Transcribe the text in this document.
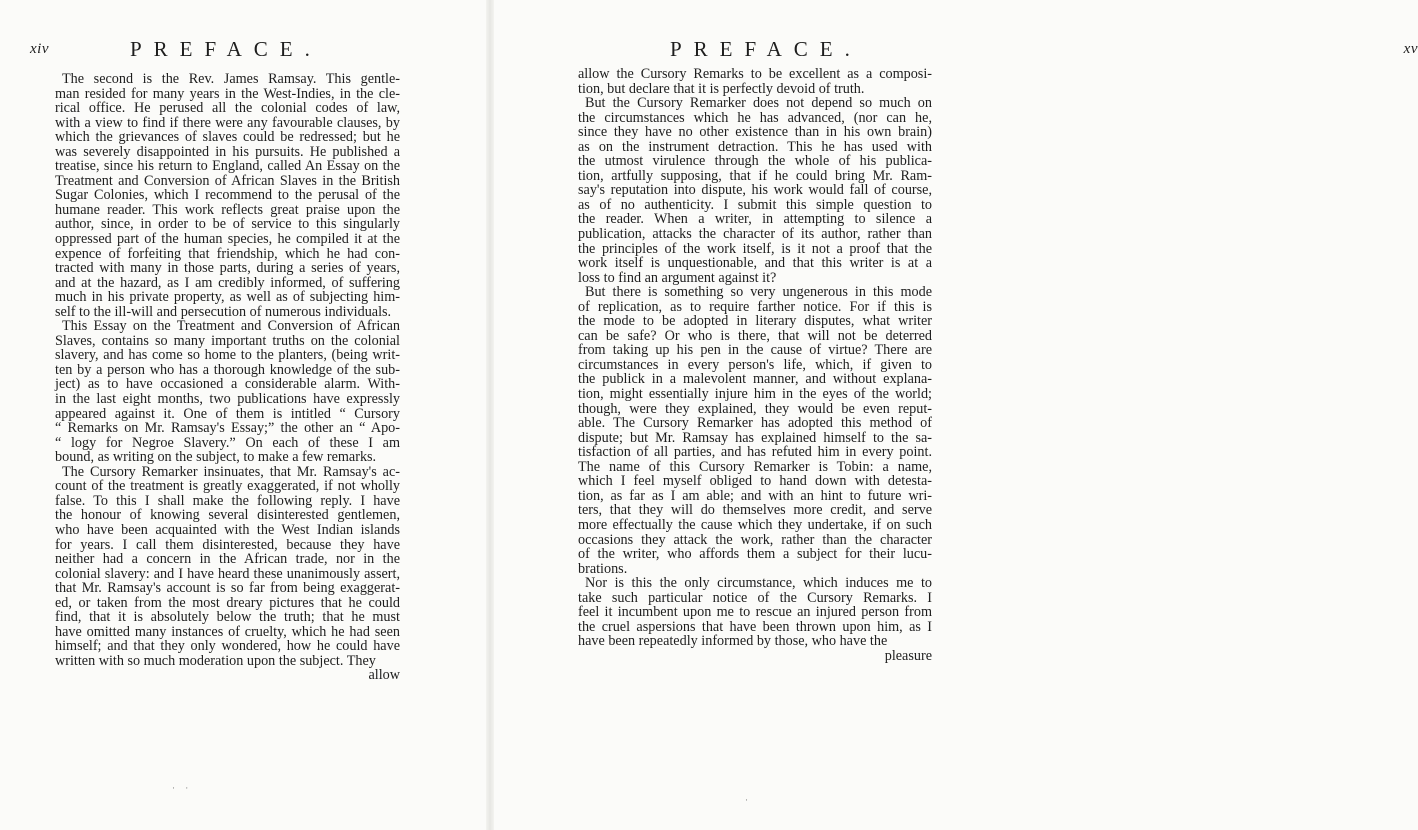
xiv	PREFACE.
The second is the Rev. James Ramsay. This gentle-
man resided for many years in the West-Indies, in the cle-
rical office. He perused all the colonial codes of law,
with a view to find if there were any favourable clauses, by
which the grievances of slaves could be redressed; but he
was severely disappointed in his pursuits. He published a
treatise, since his return to England, called An Essay on the
Treatment and Conversion of African Slaves in the British
Sugar Colonies, which I recommend to the perusal of the
humane reader. This work reflects great praise upon the
author, since, in order to be of service to this singularly
oppressed part of the human species, he compiled it at the
expence of forfeiting that friendship, which he had con-
tracted with many in those parts, during a series of years,
and at the hazard, as I am credibly informed, of suffering
much in his private property, as well as of subjecting him-
self to the ill-will and persecution of numerous individuals.
This Essay on the Treatment and Conversion of African
Slaves, contains so many important truths on the colonial
slavery, and has come so home to the planters, (being writ-
ten by a person who has a thorough knowledge of the sub-
ject) as to have occasioned a considerable alarm. With-
in the last eight months, two publications have expressly
appeared against it. One of them is intitled “ Cursory
“ Remarks on Mr. Ramsay's Essay;” the other an “ Apo-
“ logy for Negroe Slavery.” On each of these I am
bound, as writing on the subject, to make a few remarks.
The Cursory Remarker insinuates, that Mr. Ramsay's ac-
count of the treatment is greatly exaggerated, if not wholly
false. To this I shall make the following reply. I have
the honour of knowing several disinterested gentlemen,
who have been acquainted with the West Indian islands
for years. I call them disinterested, because they have
neither had a concern in the African trade, nor in the
colonial slavery: and I have heard these unanimously assert,
that Mr. Ramsay's account is so far from being exaggerat-
ed, or taken from the most dreary pictures that he could
find, that it is absolutely below the truth; that he must
have omitted many instances of cruelty, which he had seen
himself; and that they only wondered, how he could have
written with so much moderation upon the subject. They
allow
PREFACE.	xv
allow the Cursory Remarks to be excellent as a composi-
tion, but declare that it is perfectly devoid of truth.
But the Cursory Remarker does not depend so much on
the circumstances which he has advanced, (nor can he,
since they have no other existence than in his own brain)
as on the instrument detraction. This he has used with
the utmost virulence through the whole of his publica-
tion, artfully supposing, that if he could bring Mr. Ram-
say's reputation into dispute, his work would fall of course,
as of no authenticity. I submit this simple question to
the reader. When a writer, in attempting to silence a
publication, attacks the character of its author, rather than
the principles of the work itself, is it not a proof that the
work itself is unquestionable, and that this writer is at a
loss to find an argument against it?
But there is something so very ungenerous in this mode
of replication, as to require farther notice. For if this is
the mode to be adopted in literary disputes, what writer
can be safe? Or who is there, that will not be deterred
from taking up his pen in the cause of virtue? There are
circumstances in every person's life, which, if given to
the publick in a malevolent manner, and without explana-
tion, might essentially injure him in the eyes of the world;
though, were they explained, they would be even reput-
able. The Cursory Remarker has adopted this method of
dispute; but Mr. Ramsay has explained himself to the sa-
tisfaction of all parties, and has refuted him in every point.
The name of this Cursory Remarker is Tobin: a name,
which I feel myself obliged to hand down with detesta-
tion, as far as I am able; and with an hint to future wri-
ters, that they will do themselves more credit, and serve
more effectually the cause which they undertake, if on such
occasions they attack the work, rather than the character
of the writer, who affords them a subject for their lucu-
brations.
Nor is this the only circumstance, which induces me to
take such particular notice of the Cursory Remarks. I
feel it incumbent upon me to rescue an injured person from
the cruel aspersions that have been thrown upon him, as I
have been repeatedly informed by those, who have the
pleasure
· ·
·
